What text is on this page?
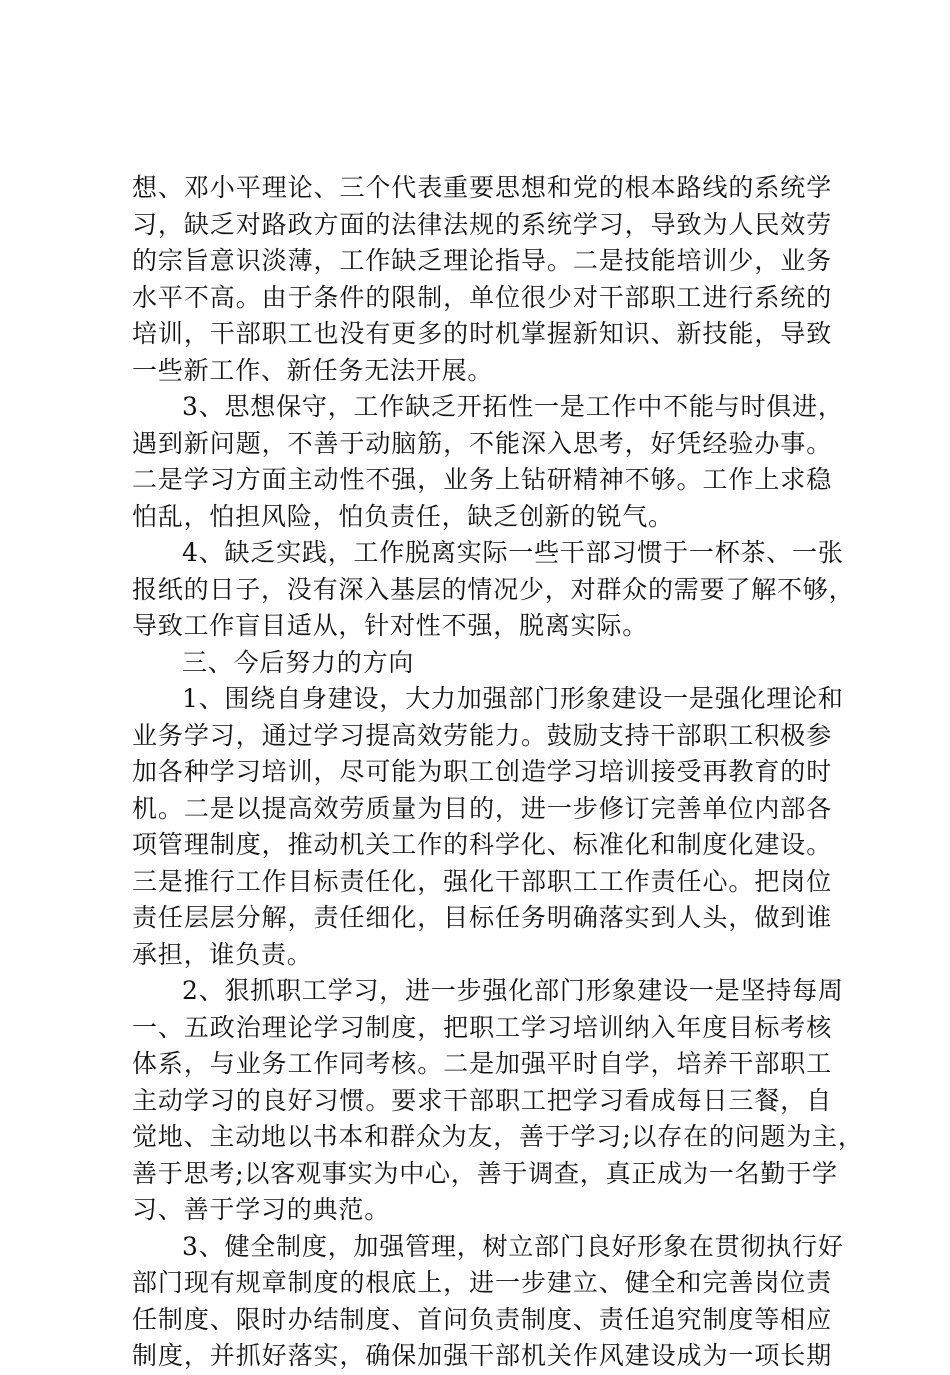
想、邓小平理论、三个代表重要思想和党的根本路线的系统学
习，缺乏对路政方面的法律法规的系统学习，导致为人民效劳
的宗旨意识淡薄，工作缺乏理论指导。二是技能培训少，业务
水平不高。由于条件的限制，单位很少对干部职工进行系统的
培训，干部职工也没有更多的时机掌握新知识、新技能，导致
一些新工作、新任务无法开展。
3、思想保守，工作缺乏开拓性一是工作中不能与时俱进，
遇到新问题，不善于动脑筋，不能深入思考，好凭经验办事。
二是学习方面主动性不强，业务上钻研精神不够。工作上求稳
怕乱，怕担风险，怕负责任，缺乏创新的锐气。
4、缺乏实践，工作脱离实际一些干部习惯于一杯茶、一张
报纸的日子，没有深入基层的情况少，对群众的需要了解不够，
导致工作盲目适从，针对性不强，脱离实际。
三、今后努力的方向
1、围绕自身建设，大力加强部门形象建设一是强化理论和
业务学习，通过学习提高效劳能力。鼓励支持干部职工积极参
加各种学习培训，尽可能为职工创造学习培训接受再教育的时
机。二是以提高效劳质量为目的，进一步修订完善单位内部各
项管理制度，推动机关工作的科学化、标准化和制度化建设。
三是推行工作目标责任化，强化干部职工工作责任心。把岗位
责任层层分解，责任细化，目标任务明确落实到人头，做到谁
承担，谁负责。
2、狠抓职工学习，进一步强化部门形象建设一是坚持每周
一、五政治理论学习制度，把职工学习培训纳入年度目标考核
体系，与业务工作同考核。二是加强平时自学，培养干部职工
主动学习的良好习惯。要求干部职工把学习看成每日三餐，自
觉地、主动地以书本和群众为友，善于学习;以存在的问题为主，
善于思考;以客观事实为中心，善于调查，真正成为一名勤于学
习、善于学习的典范。
3、健全制度，加强管理，树立部门良好形象在贯彻执行好
部门现有规章制度的根底上，进一步建立、健全和完善岗位责
任制度、限时办结制度、首问负责制度、责任追究制度等相应
制度，并抓好落实，确保加强干部机关作风建设成为一项长期
